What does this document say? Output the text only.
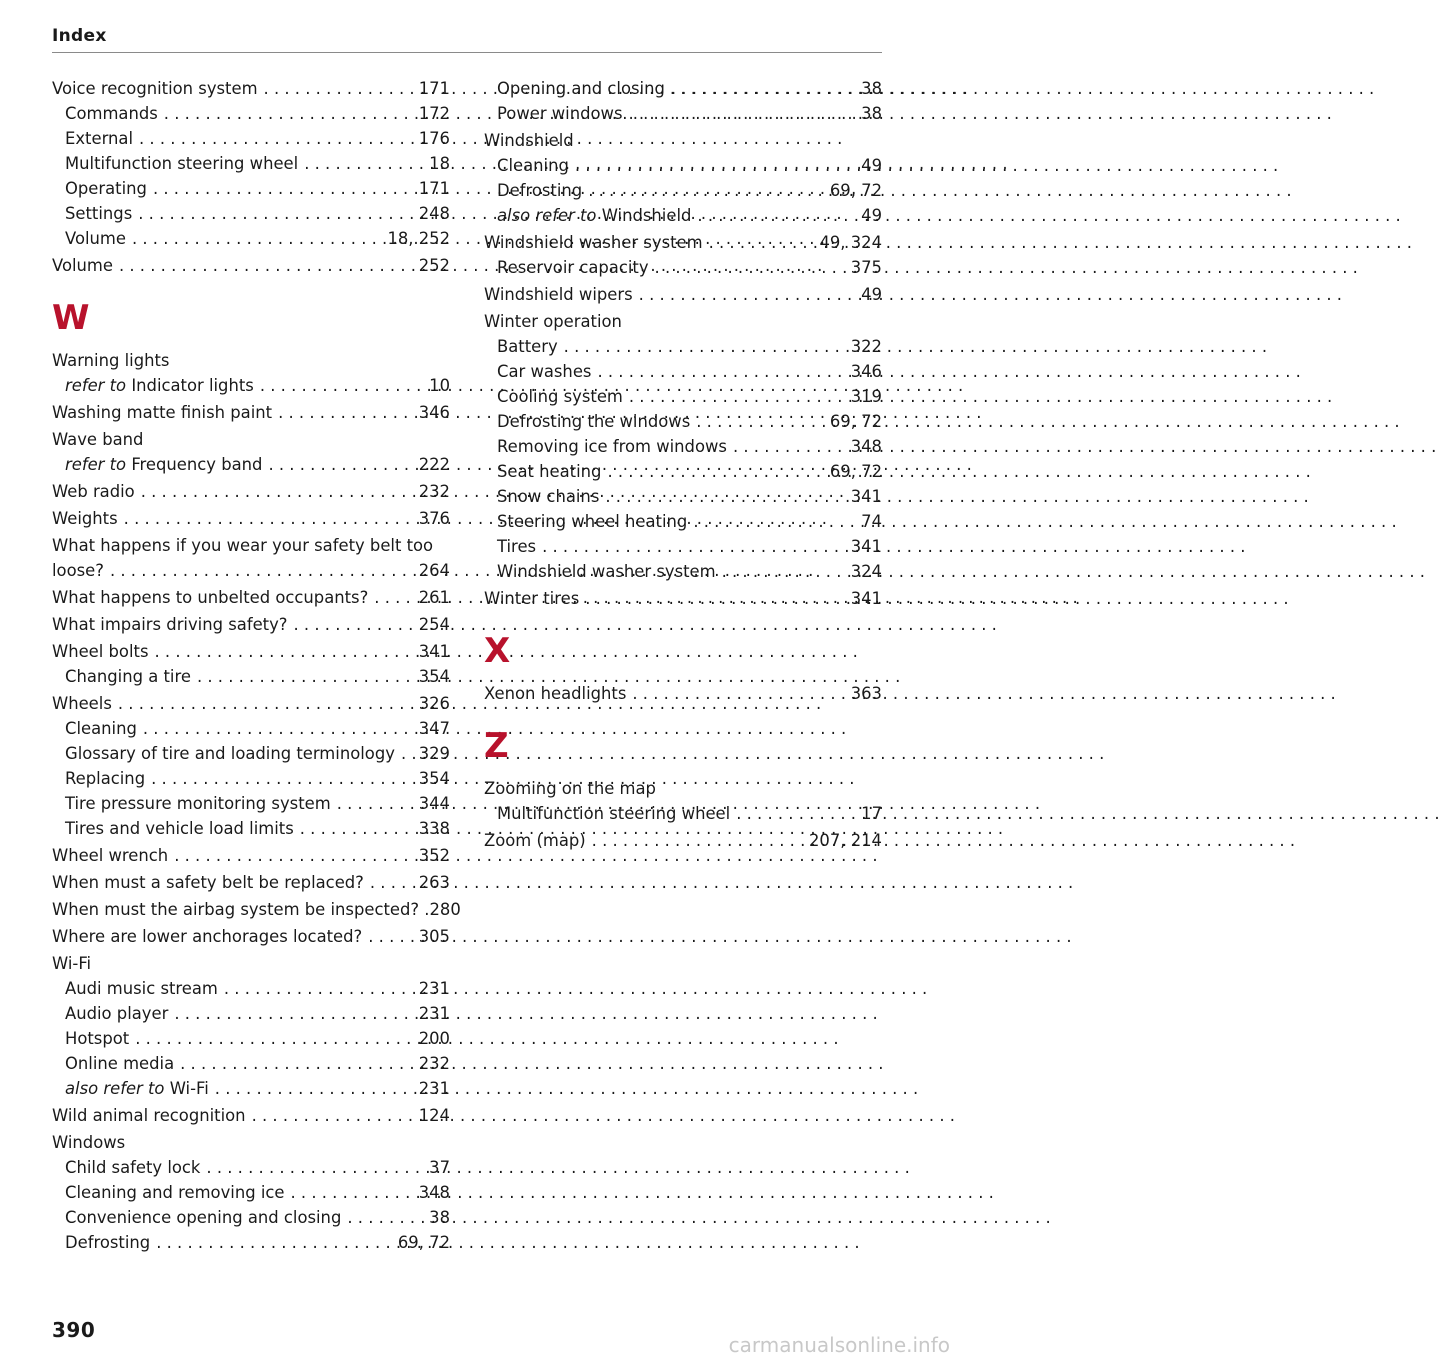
Index
Voice recognition system . . .	171
Commands . . .	172
External . . .	176
Multifunction steering wheel . . .	18
Operating . . .	171
Settings . . .	248
Volume . . .	18, 252
Volume . . .	252
W
Warning lights
refer to Indicator lights . . .	10
Washing matte finish paint . . .	346
Wave band
refer to Frequency band . . .	222
Web radio . . .	232
Weights . . .	376
What happens if you wear your safety belt too
loose? . . .	264
What happens to unbelted occupants? . . .	261
What impairs driving safety? . . .	254
Wheel bolts . . .	341
Changing a tire . . .	354
Wheels . . .	326
Cleaning . . .	347
Glossary of tire and loading terminology . . . 329
Replacing . . .	354
Tire pressure monitoring system . . .	344
Tires and vehicle load limits . . .	338
Wheel wrench . . .	352
When must a safety belt be replaced? . . .	263
When must the airbag system be inspected? . 280
Where are lower anchorages located? . . .	305
Wi-Fi
Audi music stream . . .	231
Audio player . . .	231
Hotspot . . .	200
Online media . . .	232
also refer to Wi-Fi . . .	231
Wild animal recognition . . .	124
Windows
Child safety lock . . .	37
Cleaning and removing ice . . .	348
Convenience opening and closing . . .	38
Defrosting . . .	69, 72
Opening and closing . . .	38
Power windows . . .	38
Windshield
Cleaning . . .	49
Defrosting . . .	69, 72
also refer to Windshield . . .	49
Windshield washer system . . .	49, 324
Reservoir capacity . . .	375
Windshield wipers . . .	49
Winter operation
Battery . . .	322
Car washes . . .	346
Cooling system . . .	319
Defrosting the windows . . .	69, 72
Removing ice from windows . . .	348
Seat heating . . .	69, 72
Snow chains . . .	341
Steering wheel heating . . .	74
Tires . . .	341
Windshield washer system . . .	324
Winter tires . . .	341
X
Xenon headlights . . .	363
Z
Zooming on the map
Multifunction steering wheel . . .	17
Zoom (map) . . .	207, 214
390
carmanualsonline.info
